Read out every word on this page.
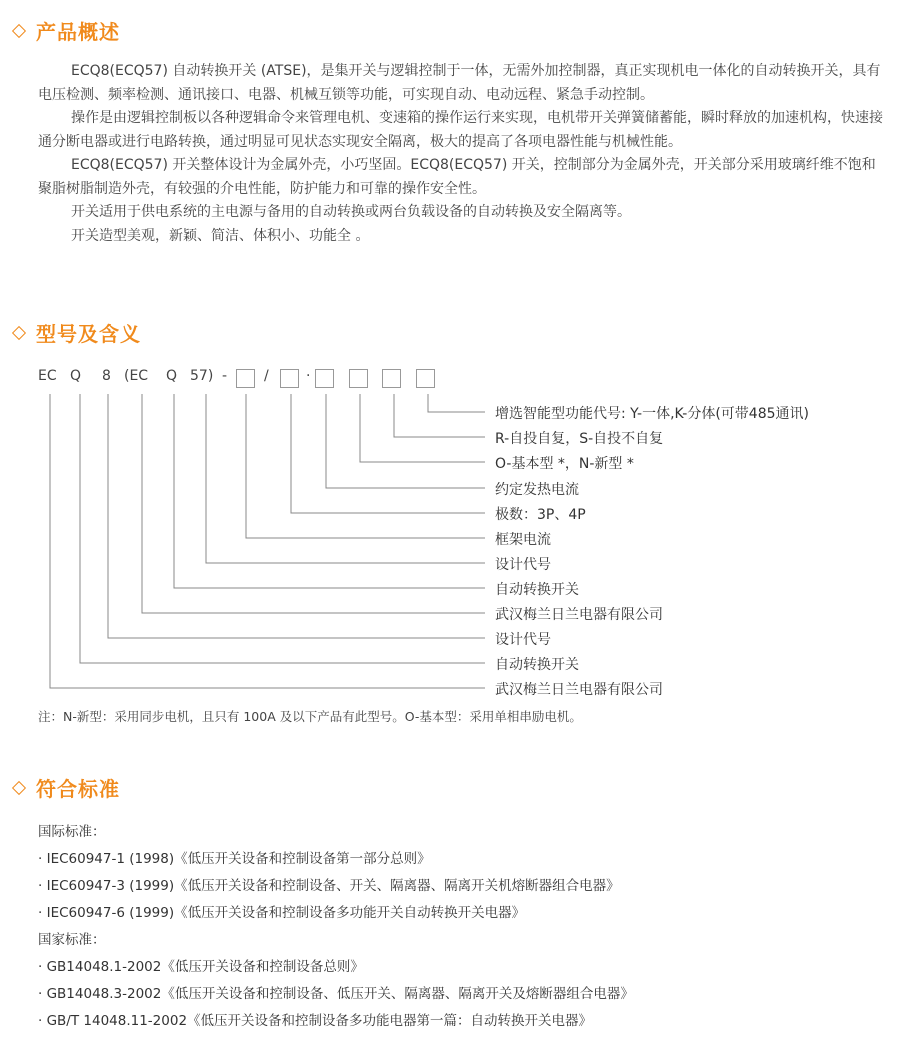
产品概述

ECQ8(ECQ57) 自动转换开关 (ATSE)，是集开关与逻辑控制于一体，无需外加控制器，真正实现机电一体化的自动转换开关，具有电压检测、频率检测、通讯接口、电器、机械互锁等功能，可实现自动、电动远程、紧急手动控制。

操作是由逻辑控制板以各种逻辑命令来管理电机、变速箱的操作运行来实现，电机带开关弹簧储蓄能，瞬时释放的加速机构，快速接通分断电器或进行电路转换，通过明显可见状态实现安全隔离，极大的提高了各项电器性能与机械性能。

ECQ8(ECQ57) 开关整体设计为金属外壳，小巧坚固。ECQ8(ECQ57) 开关，控制部分为金属外壳，开关部分采用玻璃纤维不饱和聚脂树脂制造外壳，有较强的介电性能，防护能力和可靠的操作安全性。

开关适用于供电系统的主电源与备用的自动转换或两台负载设备的自动转换及安全隔离等。

开关造型美观，新颖、简洁、体积小、功能全 。

型号及含义
EC Q 8 (EC Q 57) -	/	·
增选智能型功能代号: Y-一体,K-分体(可带485通讯)
R-自投自复，S-自投不自复
O-基本型 *，N-新型 *
约定发热电流
极数：3P、4P
框架电流
设计代号
自动转换开关
武汉梅兰日兰电器有限公司
设计代号
自动转换开关
武汉梅兰日兰电器有限公司
注：N-新型：采用同步电机，且只有 100A 及以下产品有此型号。O-基本型：采用单相串励电机。
符合标准
国际标准：
· IEC60947-1 (1998)《低压开关设备和控制设备第一部分总则》
· IEC60947-3 (1999)《低压开关设备和控制设备、开关、隔离器、隔离开关机熔断器组合电器》
· IEC60947-6 (1999)《低压开关设备和控制设备多功能开关自动转换开关电器》
国家标准：
· GB14048.1-2002《低压开关设备和控制设备总则》
· GB14048.3-2002《低压开关设备和控制设备、低压开关、隔离器、隔离开关及熔断器组合电器》
· GB/T 14048.11-2002《低压开关设备和控制设备多功能电器第一篇：自动转换开关电器》
